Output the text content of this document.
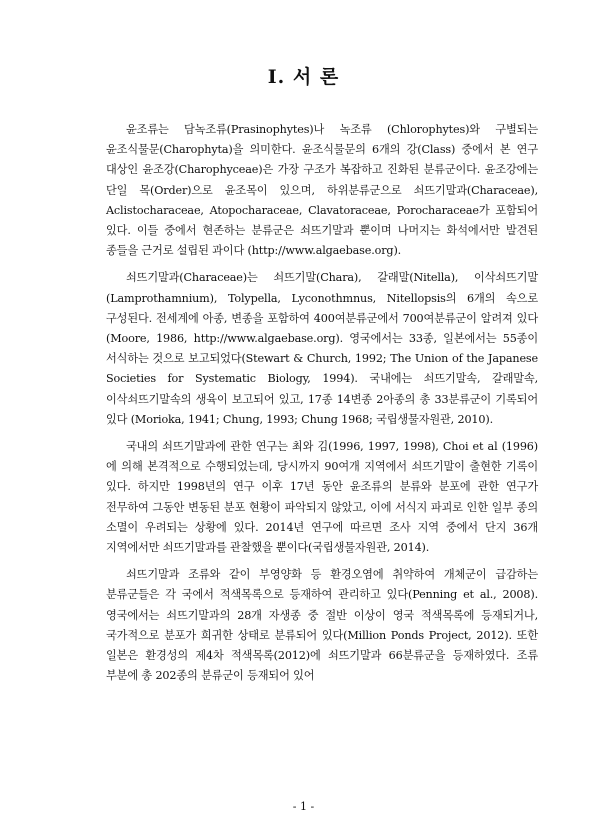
I. 서 론

윤조류는 담녹조류(Prasinophytes)나 녹조류 (Chlorophytes)와 구별되는 윤조식물문(Charophyta)을 의미한다. 윤조식물문의 6개의 강(Class) 중에서 본 연구 대상인 윤조강(Charophyceae)은 가장 구조가 복잡하고 진화된 분류군이다. 윤조강에는 단일 목(Order)으로 윤조목이 있으며, 하위분류군으로 쇠뜨기말과(Characeae), Aclistocharaceae, Atopocharaceae, Clavatoraceae, Porocharaceae가 포함되어 있다. 이들 중에서 현존하는 분류군은 쇠뜨기말과 뿐이며 나머지는 화석에서만 발견된 종들을 근거로 설립된 과이다 (http://www.algaebase.org).

쇠뜨기말과(Characeae)는 쇠뜨기말(Chara), 갈래말(Nitella), 이삭쇠뜨기말(Lamprothamnium), Tolypella, Lyconothmnus, Nitellopsis의 6개의 속으로 구성된다. 전세계에 아종, 변종을 포함하여 400여분류군에서 700여분류군이 알려져 있다(Moore, 1986, http://www.algaebase.org). 영국에서는 33종, 일본에서는 55종이 서식하는 것으로 보고되었다(Stewart & Church, 1992; The Union of the Japanese Societies for Systematic Biology, 1994). 국내에는 쇠뜨기말속, 갈래말속, 이삭쇠뜨기말속의 생육이 보고되어 있고, 17종 14변종 2아종의 총 33분류군이 기록되어 있다 (Morioka, 1941; Chung, 1993; Chung 1968; 국립생물자원관, 2010).

국내의 쇠뜨기말과에 관한 연구는 최와 김(1996, 1997, 1998), Choi et al (1996)에 의해 본격적으로 수행되었는데, 당시까지 90여개 지역에서 쇠뜨기말이 출현한 기록이 있다. 하지만 1998년의 연구 이후 17년 동안 윤조류의 분류와 분포에 관한 연구가 전무하여 그동안 변동된 분포 현황이 파악되지 않았고, 이에 서식지 파괴로 인한 일부 종의 소멸이 우려되는 상황에 있다. 2014년 연구에 따르면 조사 지역 중에서 단지 36개 지역에서만 쇠뜨기말과를 관찰했을 뿐이다(국립생물자원관, 2014).

쇠뜨기말과 조류와 같이 부영양화 등 환경오염에 취약하여 개체군이 급감하는 분류군들은 각 국에서 적색목록으로 등재하여 관리하고 있다(Penning et al., 2008). 영국에서는 쇠뜨기말과의 28개 자생종 중 절반 이상이 영국 적색목록에 등재되거나, 국가적으로 분포가 희귀한 상태로 분류되어 있다(Million Ponds Project, 2012). 또한 일본은 환경성의 제4차 적색목록(2012)에 쇠뜨기말과 66분류군을 등재하였다. 조류 부분에 총 202종의 분류군이 등재되어 있어

- 1 -
